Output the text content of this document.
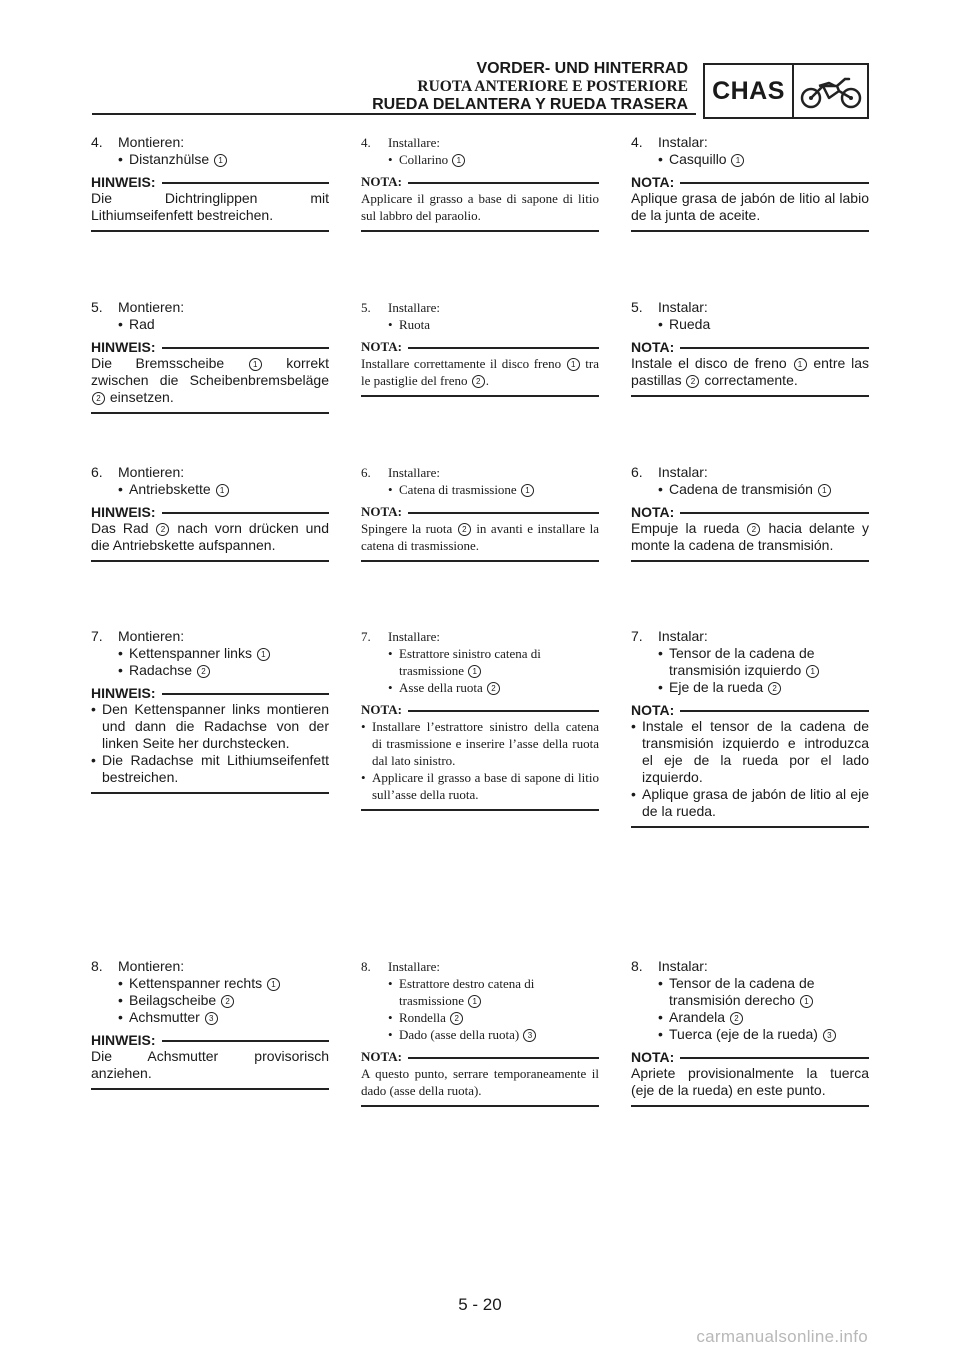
VORDER- UND HINTERRAD
RUOTA ANTERIORE E POSTERIORE
RUEDA DELANTERA Y RUEDA TRASERA CHAS
4. Montieren:
• Distanzhülse 1
HINWEIS:
Die Dichtringlippen mit Lithiumseifenfett bestreichen.
4. Installare:
• Collarino 1
NOTA:
Applicare il grasso a base di sapone di litio sul labbro del paraolio.
4. Instalar:
• Casquillo 1
NOTA:
Aplique grasa de jabón de litio al labio de la junta de aceite.
5. Montieren:
• Rad
HINWEIS:
Die Bremsscheibe	1 korrekt zwischen die Scheibenbremsbeläge 2 einsetzen.
5. Installare:
• Ruota
NOTA:
Installare correttamente il disco freno 1 tra le pastiglie del freno 2 .
5. Instalar:
• Rueda
NOTA:
Instale el disco de freno 1 entre las pastillas 2 correctamente.
6. Montieren:
• Antriebskette 1
HINWEIS:
Das Rad 2 nach vorn drücken und die Antriebskette aufspannen.
6. Installare:
• Catena di trasmissione 1
NOTA:
Spingere la ruota 2 in avanti e installare la catena di trasmissione.
6. Instalar:
• Cadena de transmisión 1
NOTA:
Empuje la rueda 2 hacia delante y monte la cadena de transmisión.
7. Montieren:
• Kettenspanner links 1
• Radachse 2
HINWEIS:
• Den Kettenspanner links montieren und dann die Radachse von der linken Seite her durchstecken.
• Die Radachse mit Lithiumseifenfett bestreichen.
7. Installare:
• Estrattore sinistro catena di trasmissione 1
• Asse della ruota 2
NOTA:
• Installare l’estrattore sinistro della catena di trasmissione e inserire l’asse della ruota dal lato sinistro.
• Applicare il grasso a base di sapone di litio sull’asse della ruota.
7. Instalar:
• Tensor de la cadena de transmisión izquierdo 1
• Eje de la rueda 2
NOTA:
• Instale el tensor de la cadena de transmisión izquierdo e introduzca el eje de la rueda por el lado izquierdo.
• Aplique grasa de jabón de litio al eje de la rueda.
8. Montieren:
• Kettenspanner rechts 1
• Beilagscheibe 2
• Achsmutter 3
HINWEIS:
Die Achsmutter provisorisch anziehen.
8. Installare:
• Estrattore destro catena di trasmissione 1
• Rondella 2
• Dado (asse della ruota) 3
NOTA:
A questo punto, serrare temporaneamente il dado (asse della ruota).
8. Instalar:
• Tensor de la cadena de transmisión derecho 1
• Arandela 2
• Tuerca (eje de la rueda) 3
NOTA:
Apriete provisionalmente la tuerca (eje de la rueda) en este punto.
5 - 20
carmanualsonline.info
